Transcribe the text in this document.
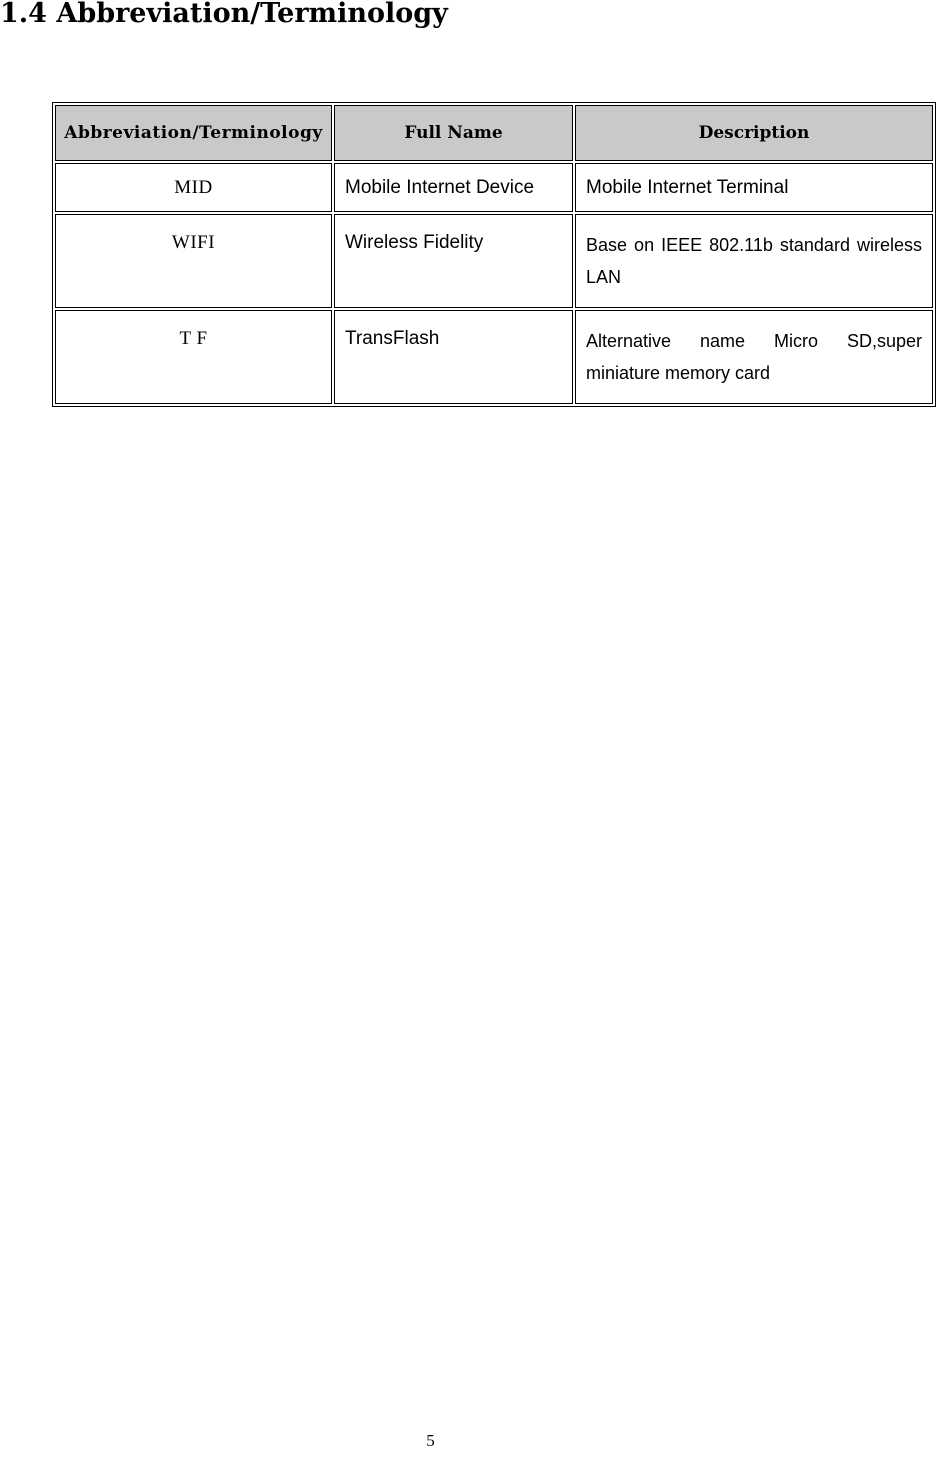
1.4 Abbreviation/Terminology
Abbreviation/Terminology	Full Name	Description
MID	Mobile Internet Device	Mobile Internet Terminal
WIFI	Wireless Fidelity	Base on IEEE 802.11b standard wireless LAN
T F	TransFlash	Alternative name Micro SD,super miniature memory card
5
